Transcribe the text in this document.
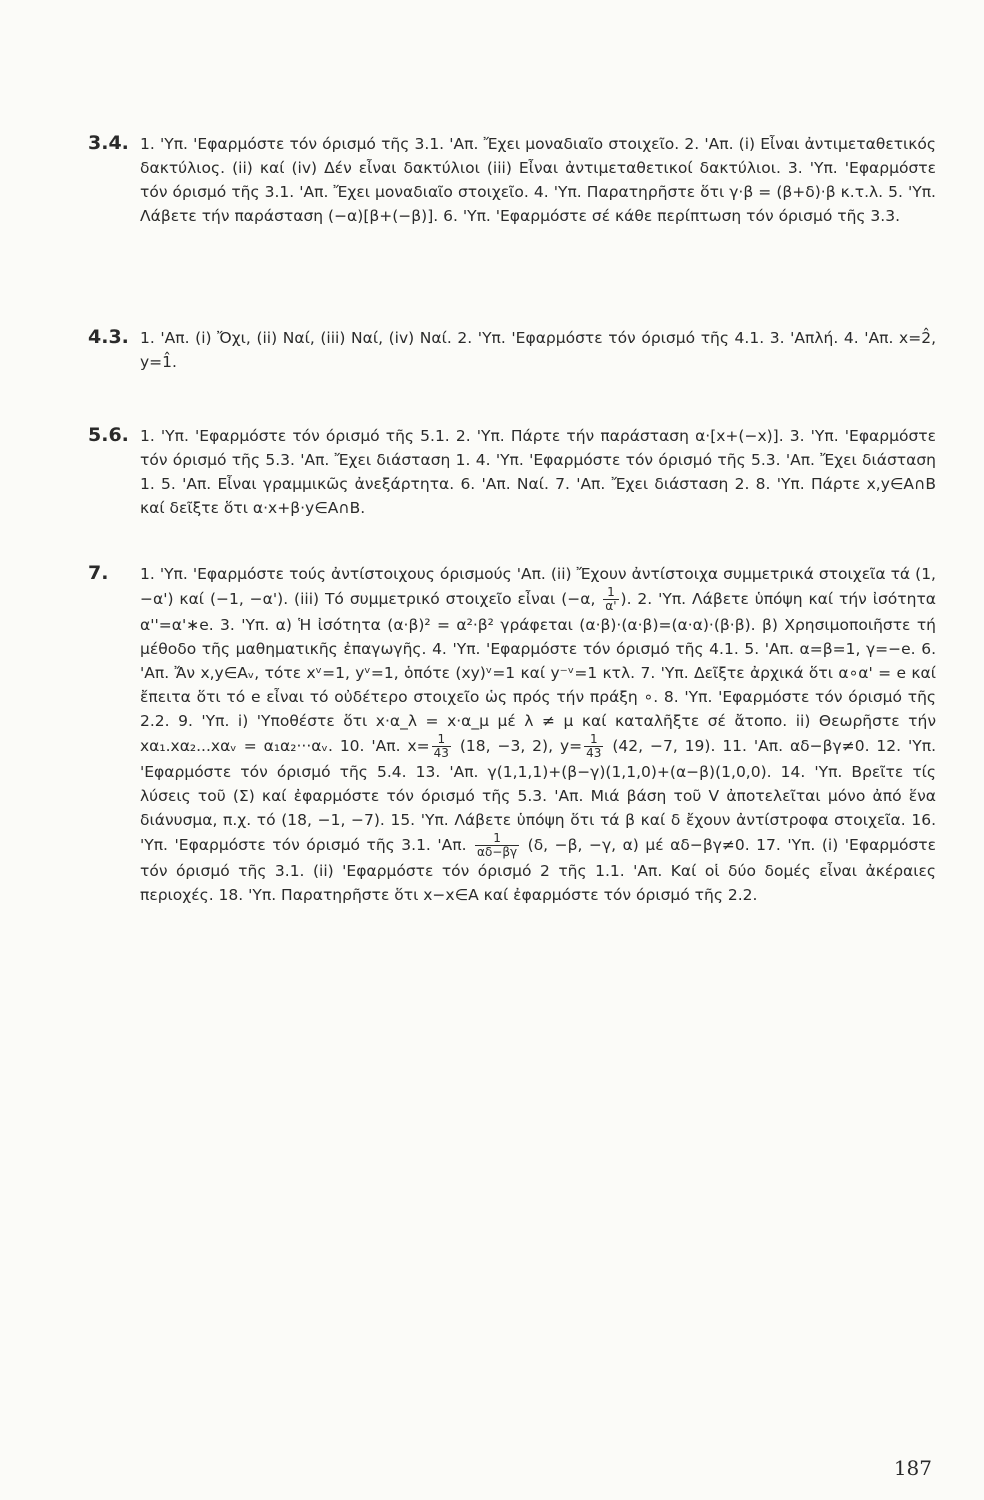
3.4. 1. 'Υπ. 'Εφαρμόστε τόν όρισμό τῆς 3.1. 'Απ. Ἔχει μοναδιαῖο στοιχεῖο. 2. 'Απ. (i) Εἶναι ἀντιμεταθετικός δακτύλιος. (ii) καί (iv) Δέν εἶναι δακτύλιοι (iii) Εἶναι ἀντιμεταθετικοί δακτύλιοι. 3. 'Υπ. 'Εφαρμόστε τόν όρισμό τῆς 3.1. 'Απ. Ἔχει μοναδιαῖο στοιχεῖο. 4. 'Υπ. Παρατηρῆστε ὅτι γ·β = (β+δ)·β κ.τ.λ. 5. 'Υπ. Λάβετε τήν παράσταση (−α)[β+(−β)]. 6. 'Υπ. 'Εφαρμόστε σέ κάθε περίπτωση τόν όρισμό τῆς 3.3.
4.3. 1. 'Απ. (i) Ὄχι, (ii) Ναί, (iii) Ναί, (iv) Ναί. 2. 'Υπ. 'Εφαρμόστε τόν όρισμό τῆς 4.1. 3. 'Απλή. 4. 'Απ. x=2̂, y=1̂.
5.6. 1. 'Υπ. 'Εφαρμόστε τόν όρισμό τῆς 5.1. 2. 'Υπ. Πάρτε τήν παράσταση α·[x+(−x)]. 3. 'Υπ. 'Εφαρμόστε τόν όρισμό τῆς 5.3. 'Απ. Ἔχει διάσταση 1. 4. 'Υπ. 'Εφαρμόστε τόν όρισμό τῆς 5.3. 'Απ. Ἔχει διάσταση 1. 5. 'Απ. Εἶναι γραμμικῶς ἀνεξάρτητα. 6. 'Απ. Ναί. 7. 'Απ. Ἔχει διάσταση 2. 8. 'Υπ. Πάρτε x,y∈A∩B καί δεῖξτε ὅτι α·x+β·y∈A∩B.
7. 1. 'Υπ. 'Εφαρμόστε τούς ἀντίστοιχους όρισμούς 'Απ. (ii) Ἔχουν ἀντίστοιχα συμμετρικά στοιχεῖα τά (1, −α') καί (−1, −α'). (iii) Τό συμμετρικό στοιχεῖο εἶναι (−α, $\frac{1}{\alpha'}$ ). 2. 'Υπ. Λάβετε ὑπόψη καί τήν ἰσότητα α''=α'∗e. 3. 'Υπ. α) Ἡ ἰσότητα (α·β)² = α²·β² γράφεται (α·β)·(α·β)=(α·α)·(β·β). β) Χρησιμοποιῆστε τή μέθοδο τῆς μαθηματικῆς ἐπαγωγῆς. 4. 'Υπ. 'Εφαρμόστε τόν όρισμό τῆς 4.1. 5. 'Απ. α=β=1, γ=−e. 6. 'Απ. Ἄν x,y∈Aᵥ, τότε xᵛ=1, yᵛ=1, ὁπότε (xy)ᵛ=1 καί y⁻ᵛ=1 κτλ. 7. 'Υπ. Δεῖξτε ἀρχικά ὅτι α∘α' = e καί ἔπειτα ὅτι τό e εἶναι τό οὐδέτερο στοιχεῖο ὡς πρός τήν πράξη ∘. 8. 'Υπ. 'Εφαρμόστε τόν όρισμό τῆς 2.2. 9. 'Υπ. i) 'Υποθέστε ὅτι x·α_λ = x·α_μ μέ λ ≠ μ καί καταλῆξτε σέ ἄτοπο. ii) Θεωρῆστε τήν xα₁.xα₂...xαᵥ = α₁α₂···αᵥ. 10. 'Απ. $x= \frac{1}{43} (18$, −3, 2), $y= \frac{1}{43} (42$, −7, 19). 11. 'Απ. αδ−βγ≠0. 12. 'Υπ. 'Εφαρμόστε τόν όρισμό τῆς 5.4. 13. 'Απ. γ(1,1,1)+(β−γ)(1,1,0)+(α−β)(1,0,0). 14. 'Υπ. Βρεῖτε τίς λύσεις τοῦ (Σ) καί ἐφαρμόστε τόν όρισμό τῆς 5.3. 'Απ. Μιά βάση τοῦ V ἀποτελεῖται μόνο ἀπό ἕνα διάνυσμα, π.χ. τό (18, −1, −7). 15. 'Υπ. Λάβετε ὑπόψη ὅτι τά β καί δ ἔχουν ἀντίστροφα στοιχεῖα. 16. 'Υπ. 'Εφαρμόστε τόν όρισμό τῆς 3.1. 'Απ. $\frac{1}{\alpha\delta-\beta\gamma} (\delta$, −β, −γ, α) μέ αδ−βγ≠0. 17. 'Υπ. (i) 'Εφαρμόστε τόν όρισμό τῆς 3.1. (ii) 'Εφαρμόστε τόν όρισμό 2 τῆς 1.1. 'Απ. Καί οἱ δύο δομές εἶναι ἀκέραιες περιοχές. 18. 'Υπ. Παρατηρῆστε ὅτι x−x∈A καί ἐφαρμόστε τόν όρισμό τῆς 2.2.
187
